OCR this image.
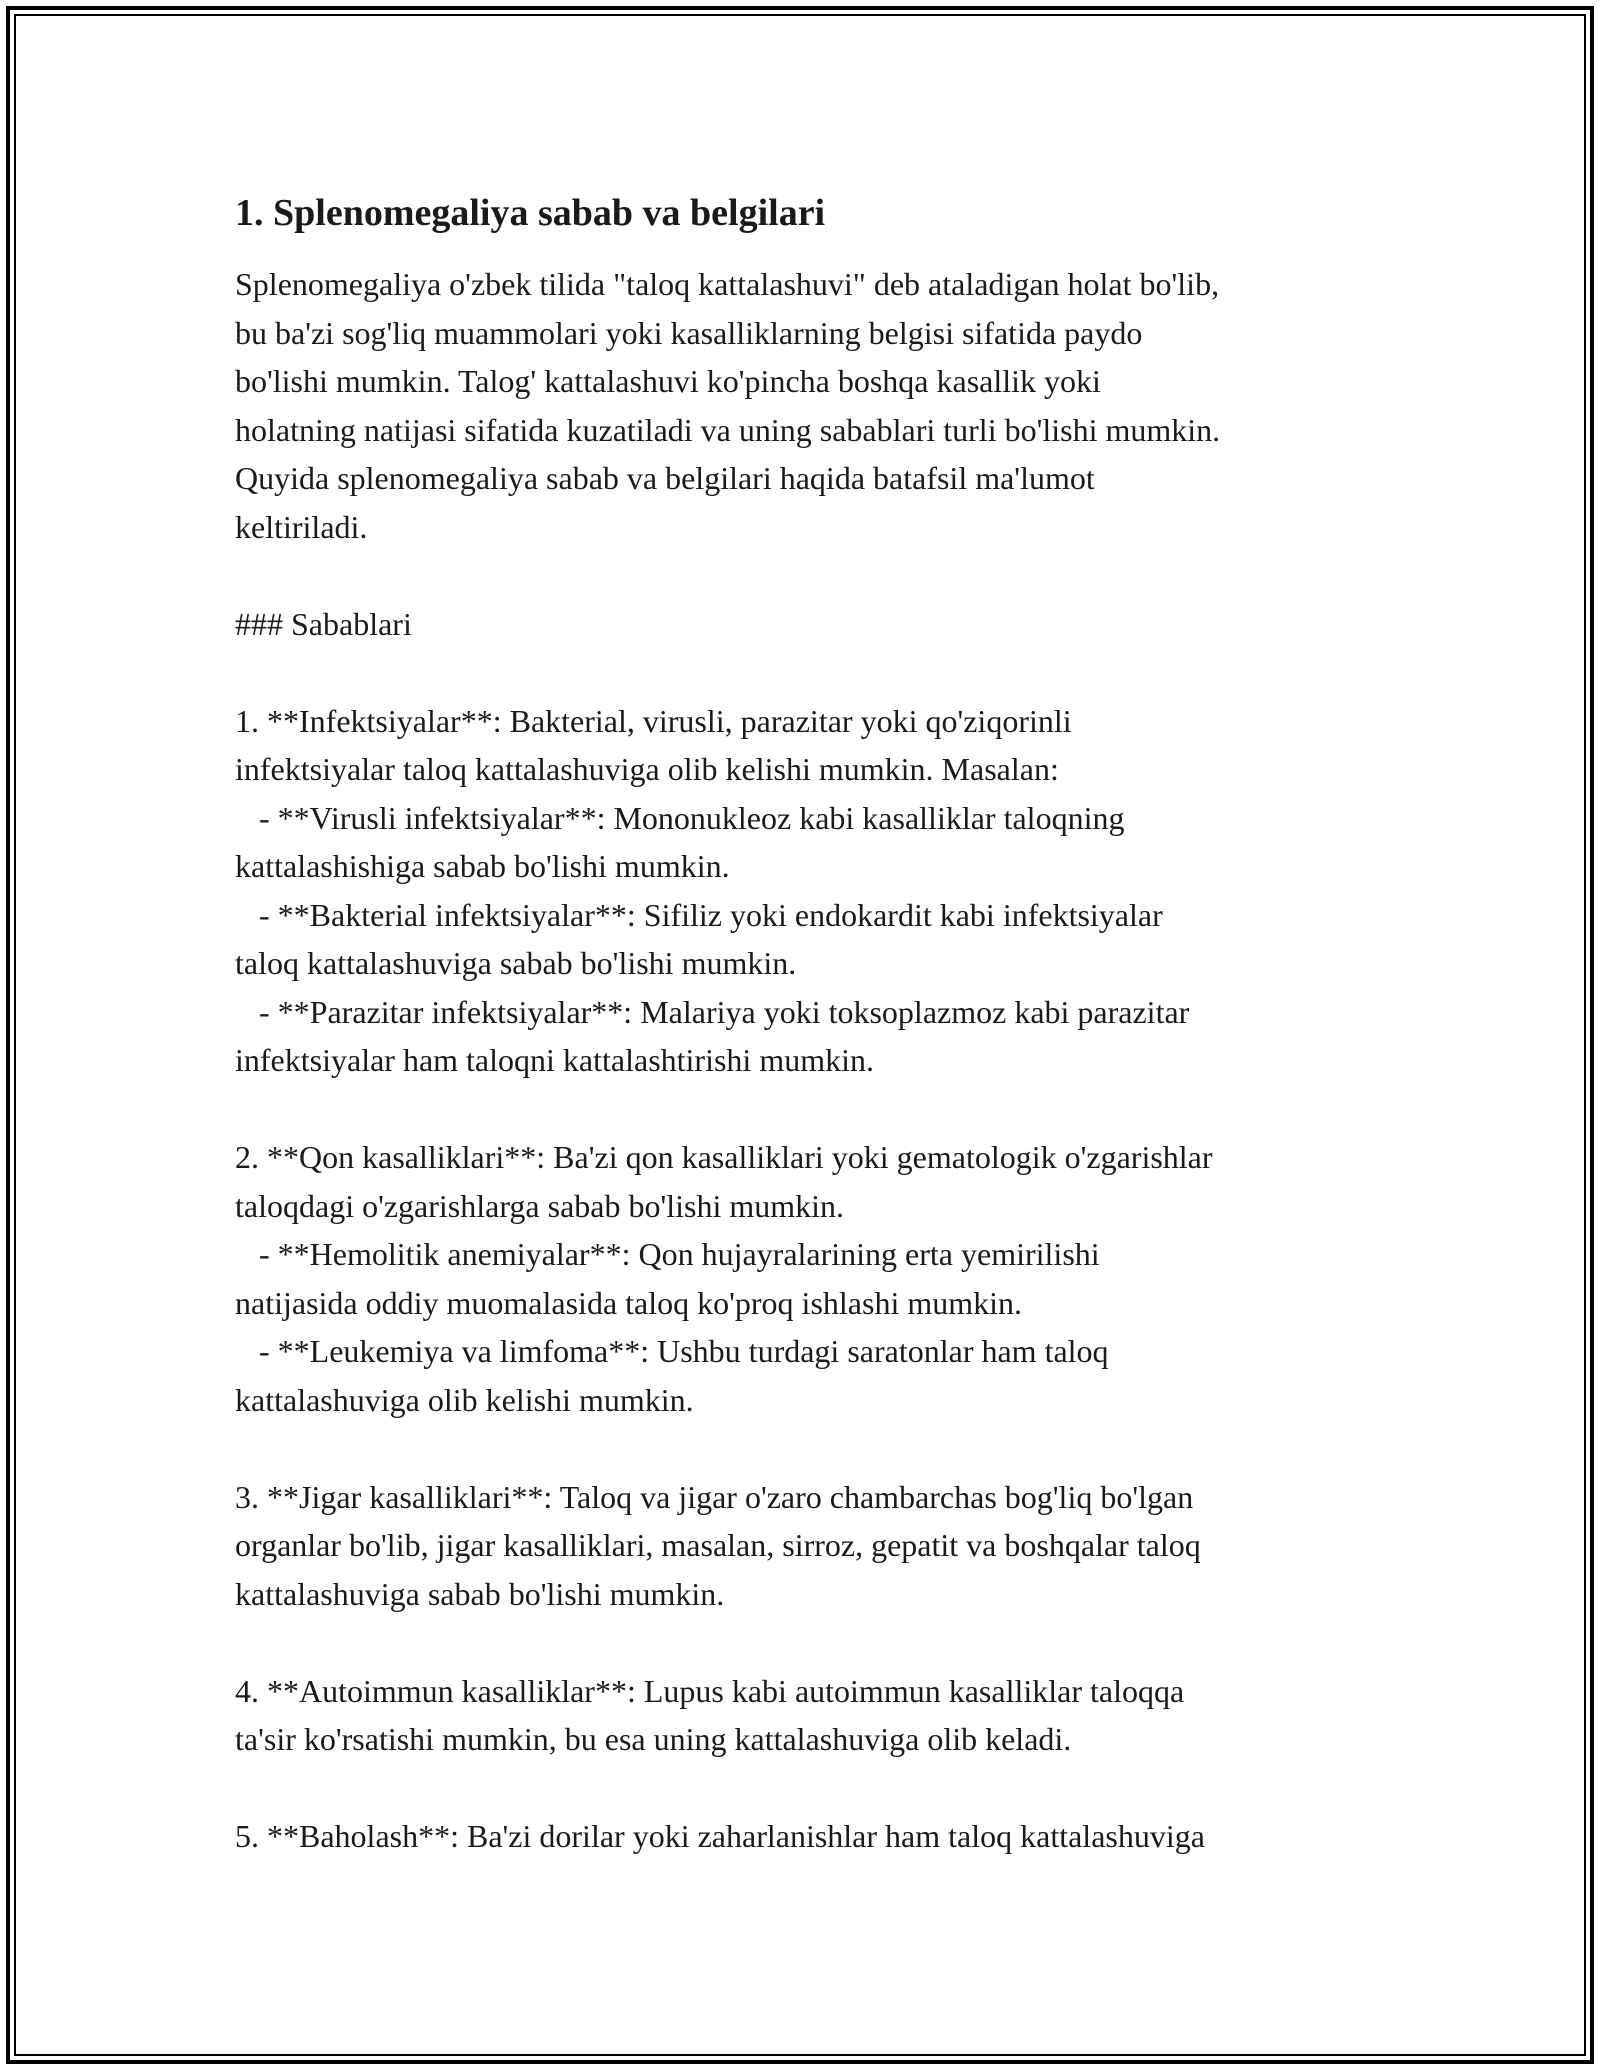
1. Splenomegaliya sabab va belgilari

Splenomegaliya o'zbek tilida "taloq kattalashuvi" deb ataladigan holat bo'lib,
bu ba'zi sog'liq muammolari yoki kasalliklarning belgisi sifatida paydo
bo'lishi mumkin. Talog' kattalashuvi ko'pincha boshqa kasallik yoki
holatning natijasi sifatida kuzatiladi va uning sabablari turli bo'lishi mumkin.
Quyida splenomegaliya sabab va belgilari haqida batafsil ma'lumot
keltiriladi.

### Sabablari

1. **Infektsiyalar**: Bakterial, virusli, parazitar yoki qo'ziqorinli
infektsiyalar taloq kattalashuviga olib kelishi mumkin. Masalan:
- **Virusli infektsiyalar**: Mononukleoz kabi kasalliklar taloqning
kattalashishiga sabab bo'lishi mumkin.
- **Bakterial infektsiyalar**: Sifiliz yoki endokardit kabi infektsiyalar
taloq kattalashuviga sabab bo'lishi mumkin.
- **Parazitar infektsiyalar**: Malariya yoki toksoplazmoz kabi parazitar
infektsiyalar ham taloqni kattalashtirishi mumkin.

2. **Qon kasalliklari**: Ba'zi qon kasalliklari yoki gematologik o'zgarishlar
taloqdagi o'zgarishlarga sabab bo'lishi mumkin.
- **Hemolitik anemiyalar**: Qon hujayralarining erta yemirilishi
natijasida oddiy muomalasida taloq ko'proq ishlashi mumkin.
- **Leukemiya va limfoma**: Ushbu turdagi saratonlar ham taloq
kattalashuviga olib kelishi mumkin.

3. **Jigar kasalliklari**: Taloq va jigar o'zaro chambarchas bog'liq bo'lgan
organlar bo'lib, jigar kasalliklari, masalan, sirroz, gepatit va boshqalar taloq
kattalashuviga sabab bo'lishi mumkin.

4. **Autoimmun kasalliklar**: Lupus kabi autoimmun kasalliklar taloqqa
ta'sir ko'rsatishi mumkin, bu esa uning kattalashuviga olib keladi.

5. **Baholash**: Ba'zi dorilar yoki zaharlanishlar ham taloq kattalashuviga
